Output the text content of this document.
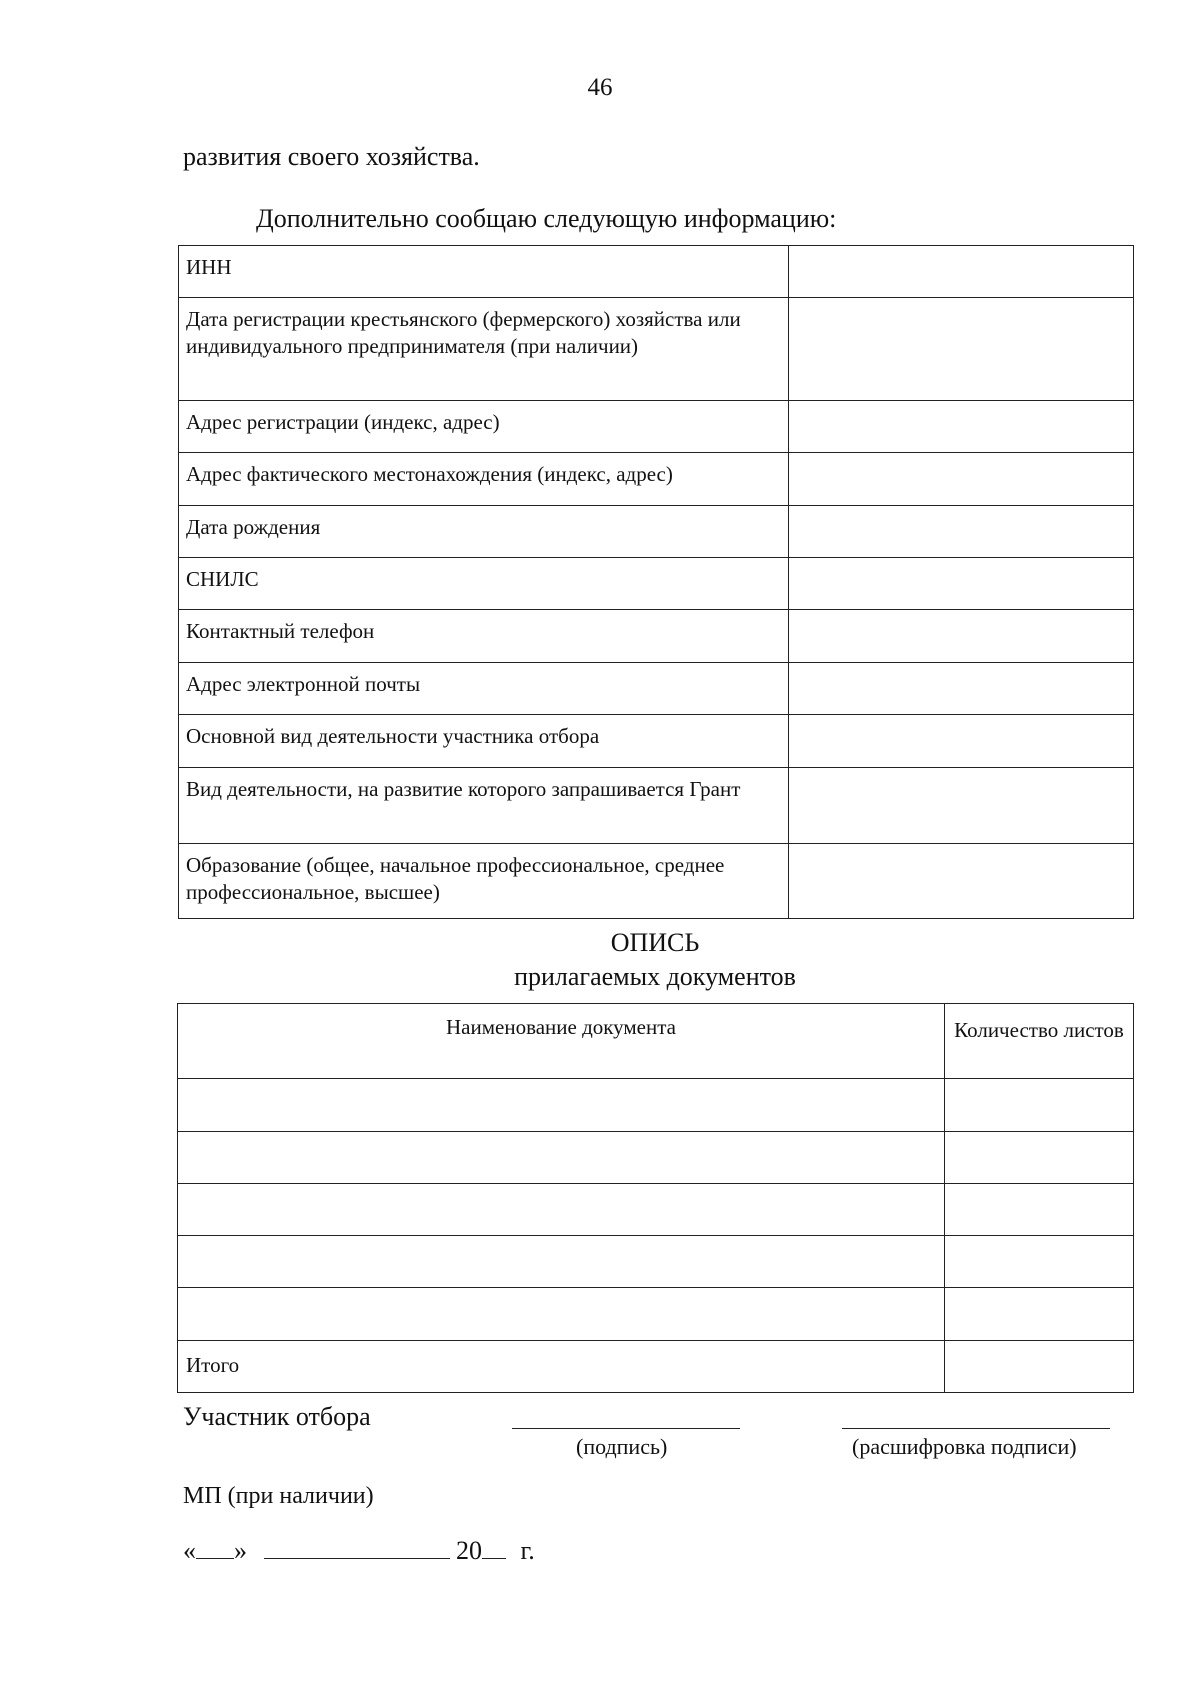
46
развития своего хозяйства.
Дополнительно сообщаю следующую информацию:
ИНН	
Дата регистрации крестьянского (фермерского) хозяйства или индивидуального предпринимателя (при наличии)	
Адрес регистрации (индекс, адрес)	
Адрес фактического местонахождения (индекс, адрес)	
Дата рождения	
СНИЛС	
Контактный телефон	
Адрес электронной почты	
Основной вид деятельности участника отбора	
Вид деятельности, на развитие которого запрашивается Грант	
Образование (общее, начальное профессиональное, среднее профессиональное, высшее)	
ОПИСЬ
прилагаемых документов
Наименование документа	Количество листов

Итого	
Участник отбора
(подпись)	(расшифровка подписи)
МП (при наличии)
« »	20 г.
